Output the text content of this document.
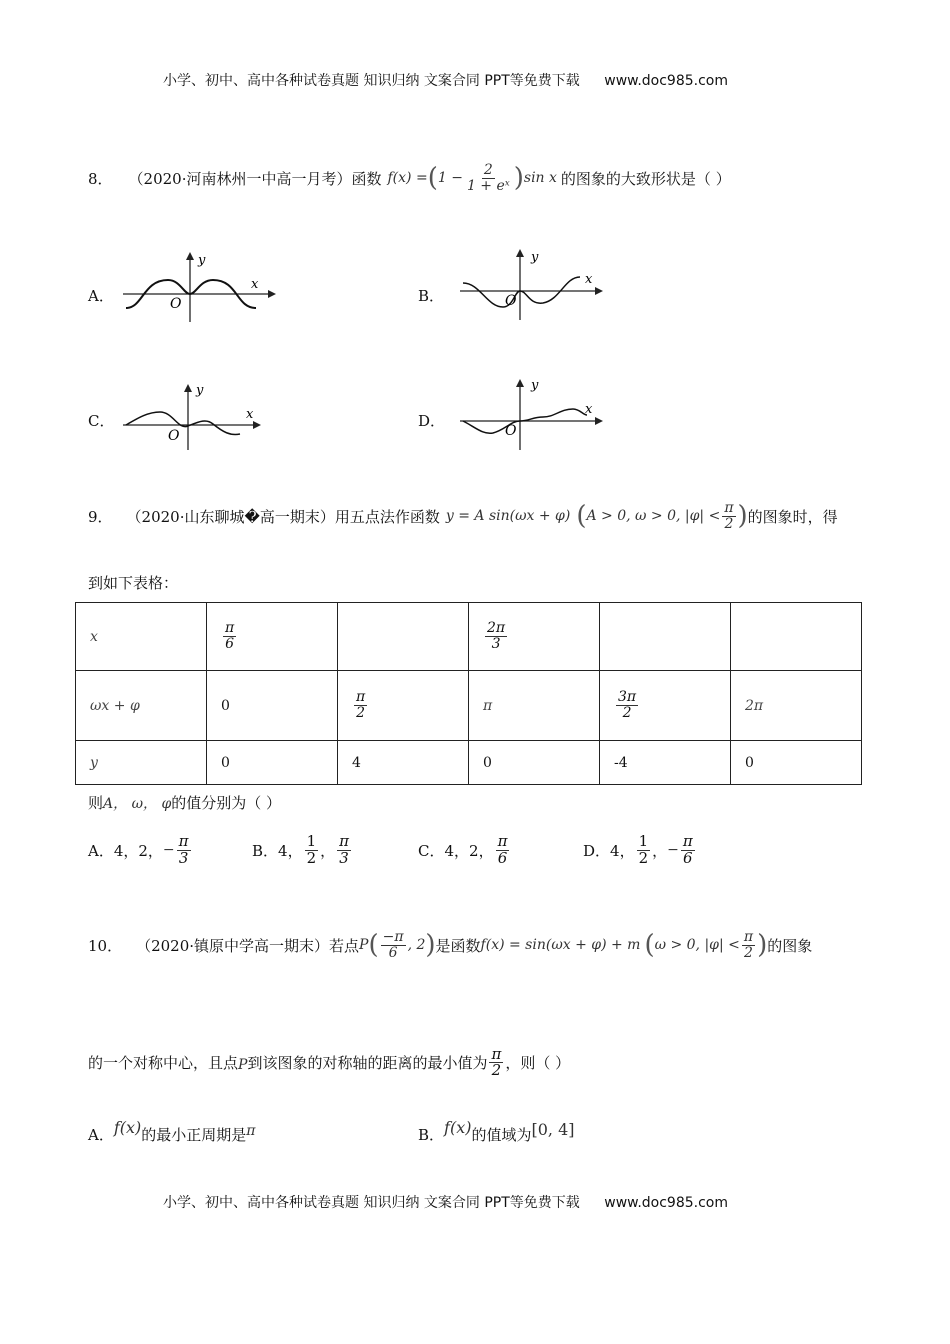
小学、初中、高中各种试卷真题 知识归纳 文案合同 PPT等免费下载 www.doc985.com
8． （2020·河南林州一中高一月考）函数 f(x) = ( $1 - \frac{2}{\text{1 + eˣ}}$ ) sin x 的图象的大致形状是（ ）
A．
y
x
O	B．
y
x
O
C．
y
x
O
D．
y
x
O
9． （2020·山东聊城�高一期末）用五点法作函数 y = A sin(ωx + φ) ( A > 0, ω > 0, $|\varphi| < \frac{\pi}{2}$ ) 的图象时，得
到如下表格：
x	$\frac{\pi}{6}$		$\frac{2\pi}{3}$

ωx + φ	0	$\frac{\pi}{2}$	π	$\frac{3\pi}{2}$	2π
y	0	4	0	-4	0
则A， ω， φ的值分别为（ ）
A．4，2， − $\frac{\pi}{3}$	B．4， $\frac{1}{2}$ ， $\frac{\pi}{3}$	C．4，2， $\frac{\pi}{6}$	D．4， $\frac{1}{2}$ ， − $\frac{\pi}{6}$
10． （2020·镇原中学高一期末）若点 P ( $\frac{-\pi}{6}$ , 2 ) 是函数 f(x) = sin(ωx + φ) + m ( ω > 0, $|\varphi| < \frac{\pi}{2}$ ) 的图象
的一个对称中心，且点 P 到该图象的对称轴的距离的最小值为 $\frac{\pi}{2}$ ，则（ ）
A． f(x) 的最小正周期是 π	B． f(x) 的值域为 [0, 4]
小学、初中、高中各种试卷真题 知识归纳 文案合同 PPT等免费下载 www.doc985.com
